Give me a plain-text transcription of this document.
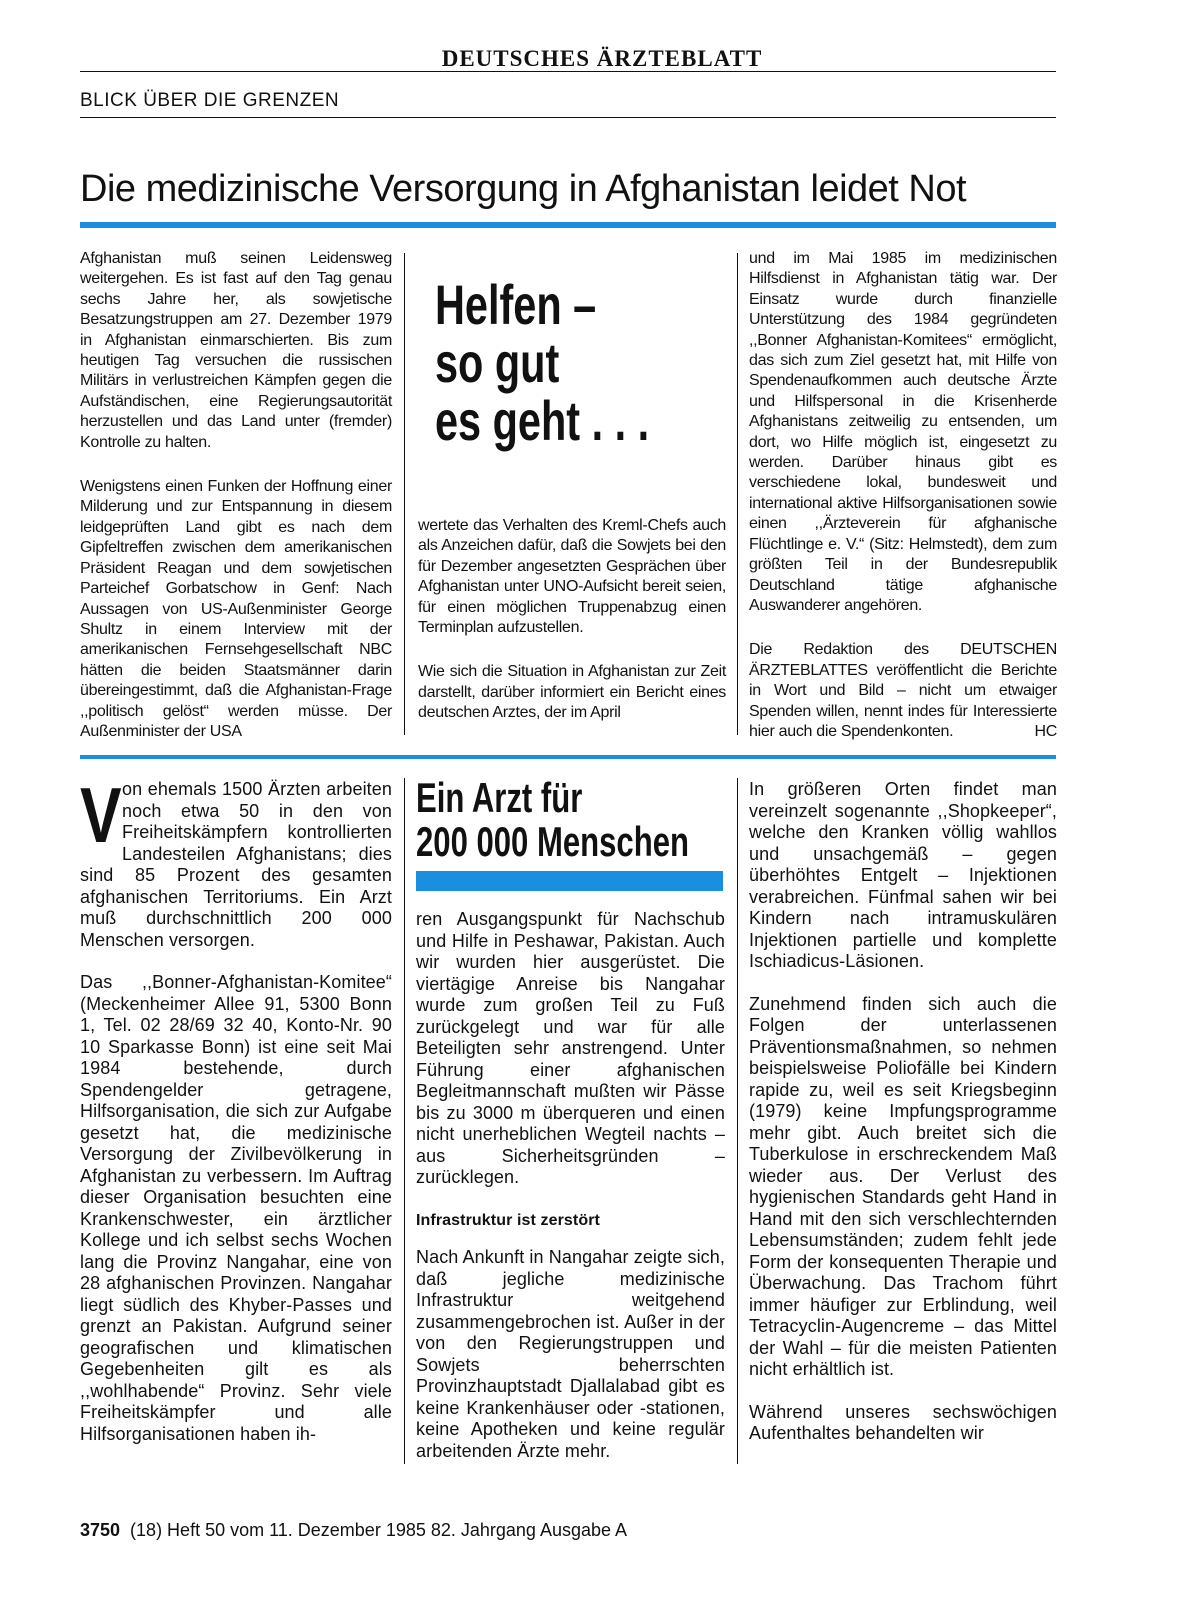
DEUTSCHES ÄRZTEBLATT
BLICK ÜBER DIE GRENZEN
Die medizinische Versorgung in Afghanistan leidet Not

Afghanistan muß seinen Leidensweg weitergehen. Es ist fast auf den Tag genau sechs Jahre her, als sowjetische Besatzungstruppen am 27. Dezember 1979 in Afghanistan einmarschierten. Bis zum heutigen Tag versuchen die russischen Militärs in verlustreichen Kämpfen gegen die Aufständischen, eine Regierungsautorität herzustellen und das Land unter (fremder) Kontrolle zu halten.

Wenigstens einen Funken der Hoffnung einer Milderung und zur Entspannung in diesem leidgeprüften Land gibt es nach dem Gipfeltreffen zwischen dem amerikanischen Präsident Reagan und dem sowjetischen Parteichef Gorbatschow in Genf: Nach Aussagen von US-Außenminister George Shultz in einem Interview mit der amerikanischen Fernsehgesellschaft NBC hätten die beiden Staatsmänner darin übereingestimmt, daß die Afghanistan-Frage ,,politisch gelöst“ werden müsse. Der Außenminister der USA

Helfen –
so gut
es geht . . .

wertete das Verhalten des Kreml-Chefs auch als Anzeichen dafür, daß die Sowjets bei den für Dezember angesetzten Gesprächen über Afghanistan unter UNO-Aufsicht bereit seien, für einen möglichen Truppenabzug einen Terminplan aufzustellen.

Wie sich die Situation in Afghanistan zur Zeit darstellt, darüber informiert ein Bericht eines deutschen Arztes, der im April

und im Mai 1985 im medizinischen Hilfsdienst in Afghanistan tätig war. Der Einsatz wurde durch finanzielle Unterstützung des 1984 gegründeten ,,Bonner Afghanistan-Komitees“ ermöglicht, das sich zum Ziel gesetzt hat, mit Hilfe von Spendenaufkommen auch deutsche Ärzte und Hilfspersonal in die Krisenherde Afghanistans zeitweilig zu entsenden, um dort, wo Hilfe möglich ist, eingesetzt zu werden. Darüber hinaus gibt es verschiedene lokal, bundesweit und international aktive Hilfsorganisationen sowie einen ,,Ärzteverein für afghanische Flüchtlinge e. V.“ (Sitz: Helmstedt), dem zum größten Teil in der Bundesrepublik Deutschland tätige afghanische Auswanderer angehören.

Die Redaktion des DEUTSCHEN ÄRZTEBLATTES veröffentlicht die Berichte in Wort und Bild – nicht um etwaiger Spenden willen, nennt indes für Interessierte hier auch die Spendenkonten.	HC

Von ehemals 1500 Ärzten arbeiten noch etwa 50 in den von Freiheitskämpfern kontrollierten Landesteilen Afghanistans; dies sind 85 Prozent des gesamten afghanischen Territoriums. Ein Arzt muß durchschnittlich 200 000 Menschen versorgen.

Das ,,Bonner-Afghanistan-Komitee“ (Meckenheimer Allee 91, 5300 Bonn 1, Tel. 02 28/69 32 40, Konto-Nr. 90 10 Sparkasse Bonn) ist eine seit Mai 1984 bestehende, durch Spendengelder getragene, Hilfsorganisation, die sich zur Aufgabe gesetzt hat, die medizinische Versorgung der Zivilbevölkerung in Afghanistan zu verbessern. Im Auftrag dieser Organisation besuchten eine Krankenschwester, ein ärztlicher Kollege und ich selbst sechs Wochen lang die Provinz Nangahar, eine von 28 afghanischen Provinzen. Nangahar liegt südlich des Khyber-Passes und grenzt an Pakistan. Aufgrund seiner geografischen und klimatischen Gegebenheiten gilt es als ,,wohlhabende“ Provinz. Sehr viele Freiheitskämpfer und alle Hilfsorganisationen haben ih-

Ein Arzt für
200 000 Menschen

ren Ausgangspunkt für Nachschub und Hilfe in Peshawar, Pakistan. Auch wir wurden hier ausgerüstet. Die viertägige Anreise bis Nangahar wurde zum großen Teil zu Fuß zurückgelegt und war für alle Beteiligten sehr anstrengend. Unter Führung einer afghanischen Begleitmannschaft mußten wir Pässe bis zu 3000 m überqueren und einen nicht unerheblichen Wegteil nachts – aus Sicherheitsgründen – zurücklegen.

Infrastruktur ist zerstört

Nach Ankunft in Nangahar zeigte sich, daß jegliche medizinische Infrastruktur weitgehend zusammengebrochen ist. Außer in der von den Regierungstruppen und Sowjets beherrschten Provinzhauptstadt Djallalabad gibt es keine Krankenhäuser oder -stationen, keine Apotheken und keine regulär arbeitenden Ärzte mehr.

In größeren Orten findet man vereinzelt sogenannte ,,Shopkeeper“, welche den Kranken völlig wahllos und unsachgemäß – gegen überhöhtes Entgelt – Injektionen verabreichen. Fünfmal sahen wir bei Kindern nach intramuskulären Injektionen partielle und komplette Ischiadicus-Läsionen.

Zunehmend finden sich auch die Folgen der unterlassenen Präventionsmaßnahmen, so nehmen beispielsweise Poliofälle bei Kindern rapide zu, weil es seit Kriegsbeginn (1979) keine Impfungsprogramme mehr gibt. Auch breitet sich die Tuberkulose in erschreckendem Maß wieder aus. Der Verlust des hygienischen Standards geht Hand in Hand mit den sich verschlechternden Lebensumständen; zudem fehlt jede Form der konsequenten Therapie und Überwachung. Das Trachom führt immer häufiger zur Erblindung, weil Tetracyclin-Augencreme – das Mittel der Wahl – für die meisten Patienten nicht erhältlich ist.

Während unseres sechswöchigen Aufenthaltes behandelten wir

3750 (18) Heft 50 vom 11. Dezember 1985 82. Jahrgang Ausgabe A
